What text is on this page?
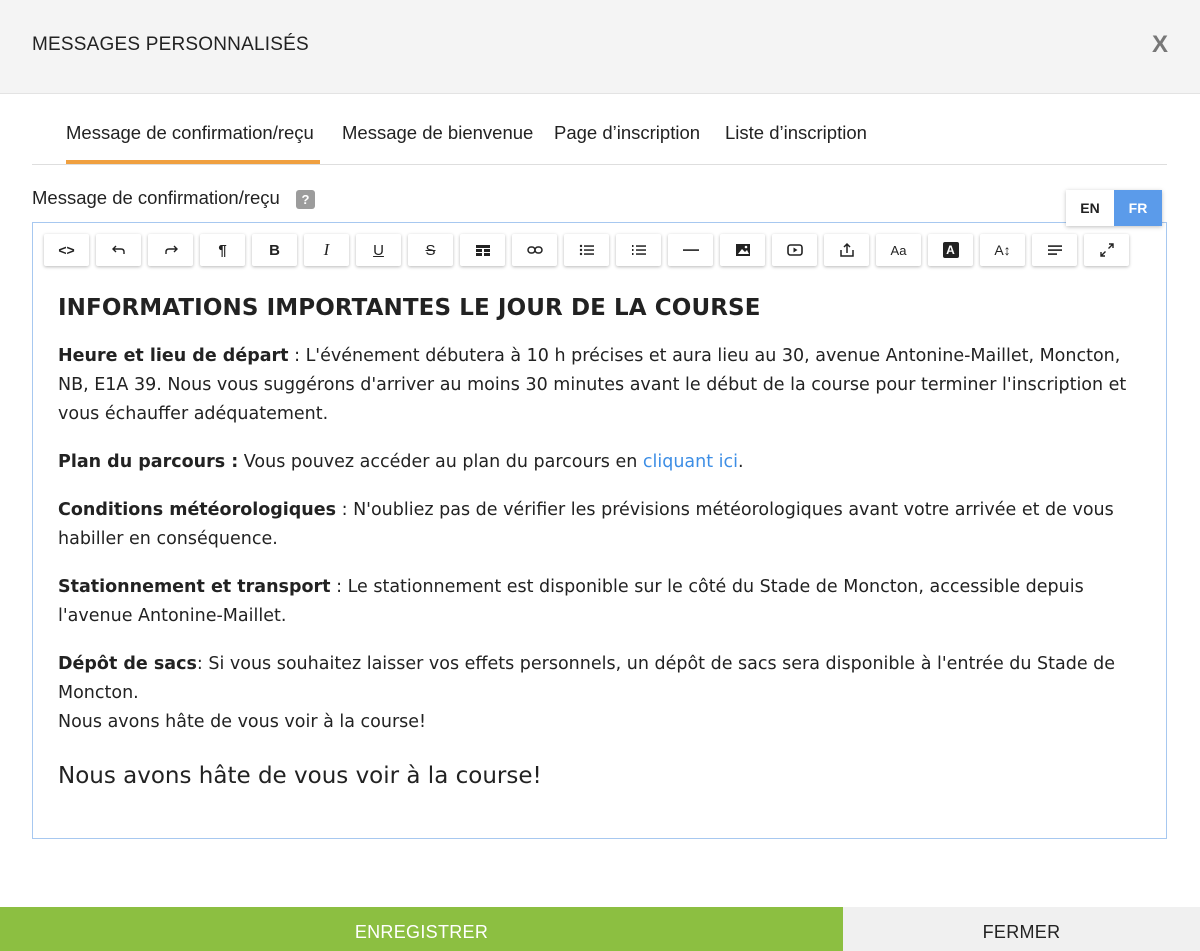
MESSAGES PERSONNALISÉS	X
Message de confirmation/reçu	Message de bienvenue Page d’inscription Liste d’inscription
Message de confirmation/reçu	?
EN	FR
<>	¶	B	I	U	S	Aa	A	A↕
INFORMATIONS IMPORTANTES LE JOUR DE LA COURSE

Heure et lieu de départ : L'événement débutera à 10 h précises et aura lieu au 30, avenue Antonine-Maillet, Moncton, NB, E1A 39. Nous vous suggérons d'arriver au moins 30 minutes avant le début de la course pour terminer l'inscription et vous échauffer adéquatement.

Plan du parcours : Vous pouvez accéder au plan du parcours en cliquant ici.

Conditions météorologiques : N'oubliez pas de vérifier les prévisions météorologiques avant votre arrivée et de vous habiller en conséquence.

Stationnement et transport : Le stationnement est disponible sur le côté du Stade de Moncton, accessible depuis l'avenue Antonine-Maillet.

Dépôt de sacs: Si vous souhaitez laisser vos effets personnels, un dépôt de sacs sera disponible à l'entrée du Stade de Moncton.

Nous avons hâte de vous voir à la course!

Nous avons hâte de vous voir à la course!
ENREGISTRER	FERMER
